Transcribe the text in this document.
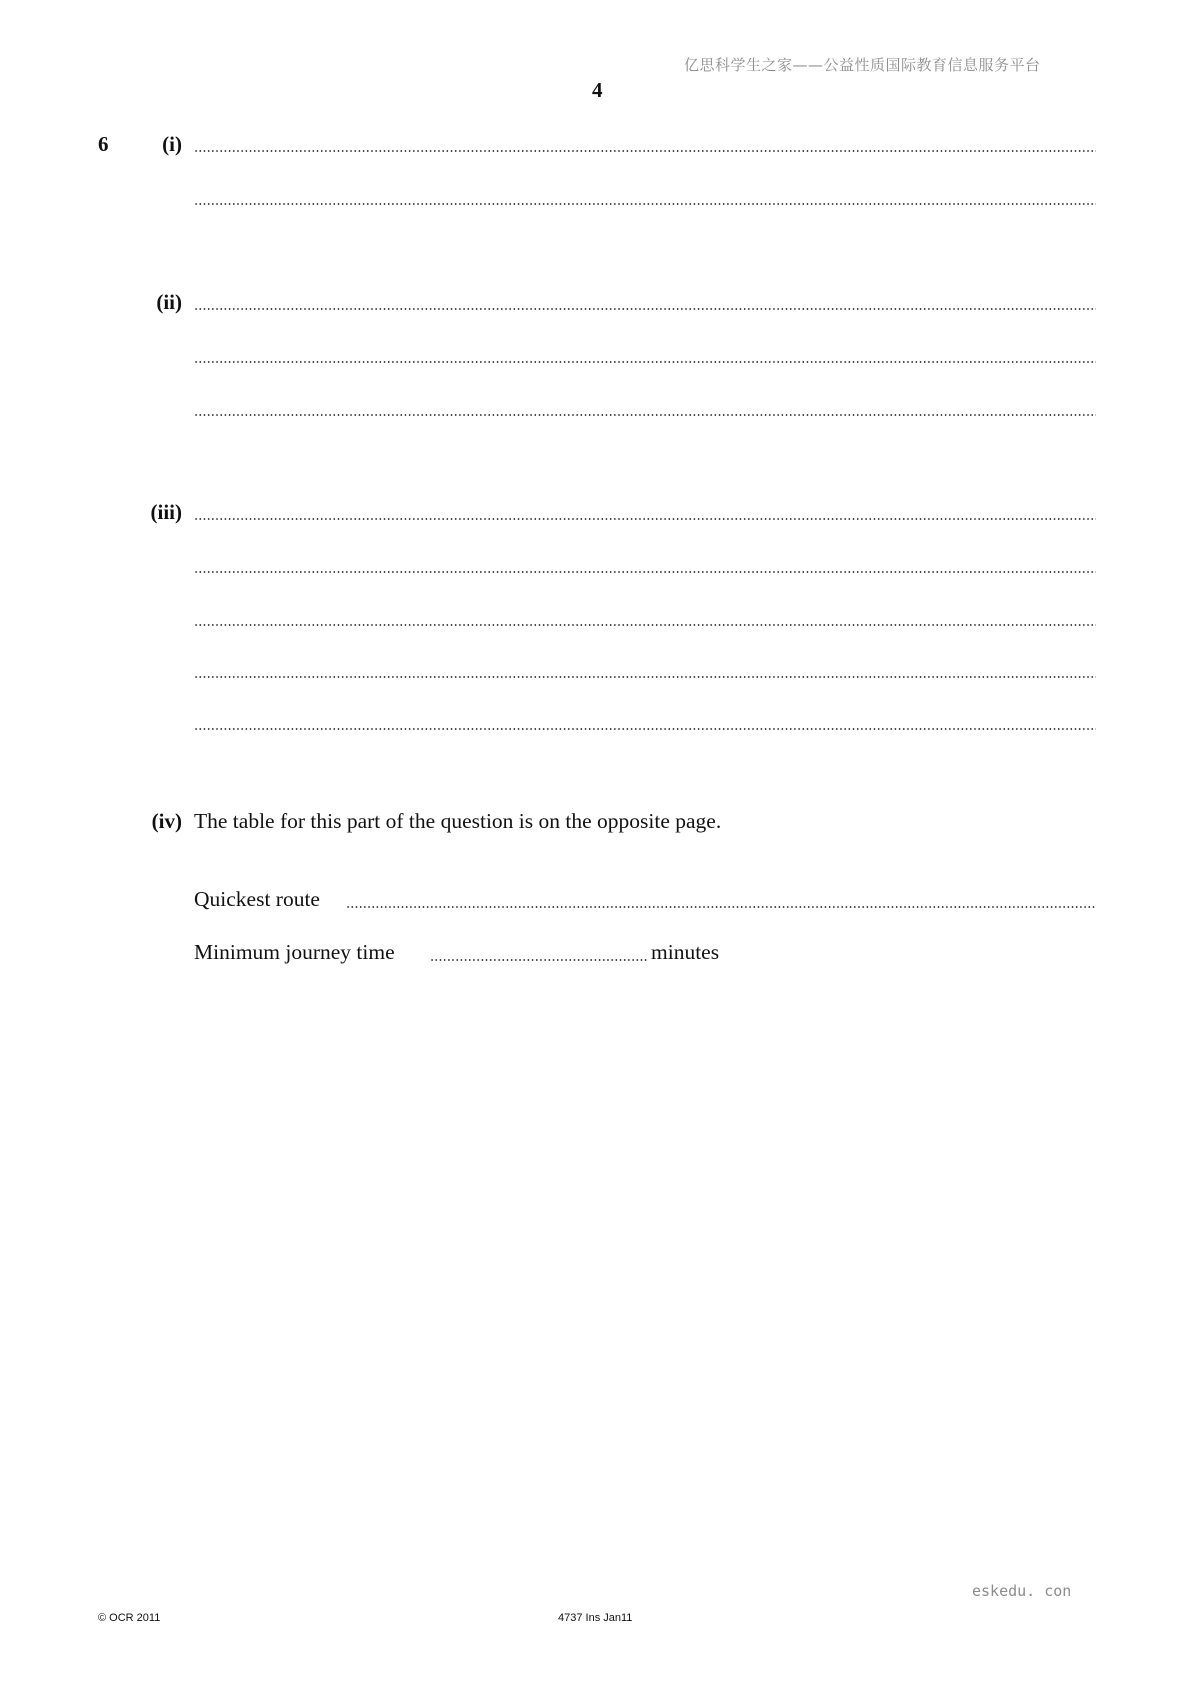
亿思科学生之家——公益性质国际教育信息服务平台
4
6	(i)
(ii)
(iii)
(iv) The table for this part of the question is on the opposite page.
Quickest route
Minimum journey time	minutes
eskedu. con
© OCR 2011	4737 Ins Jan11
